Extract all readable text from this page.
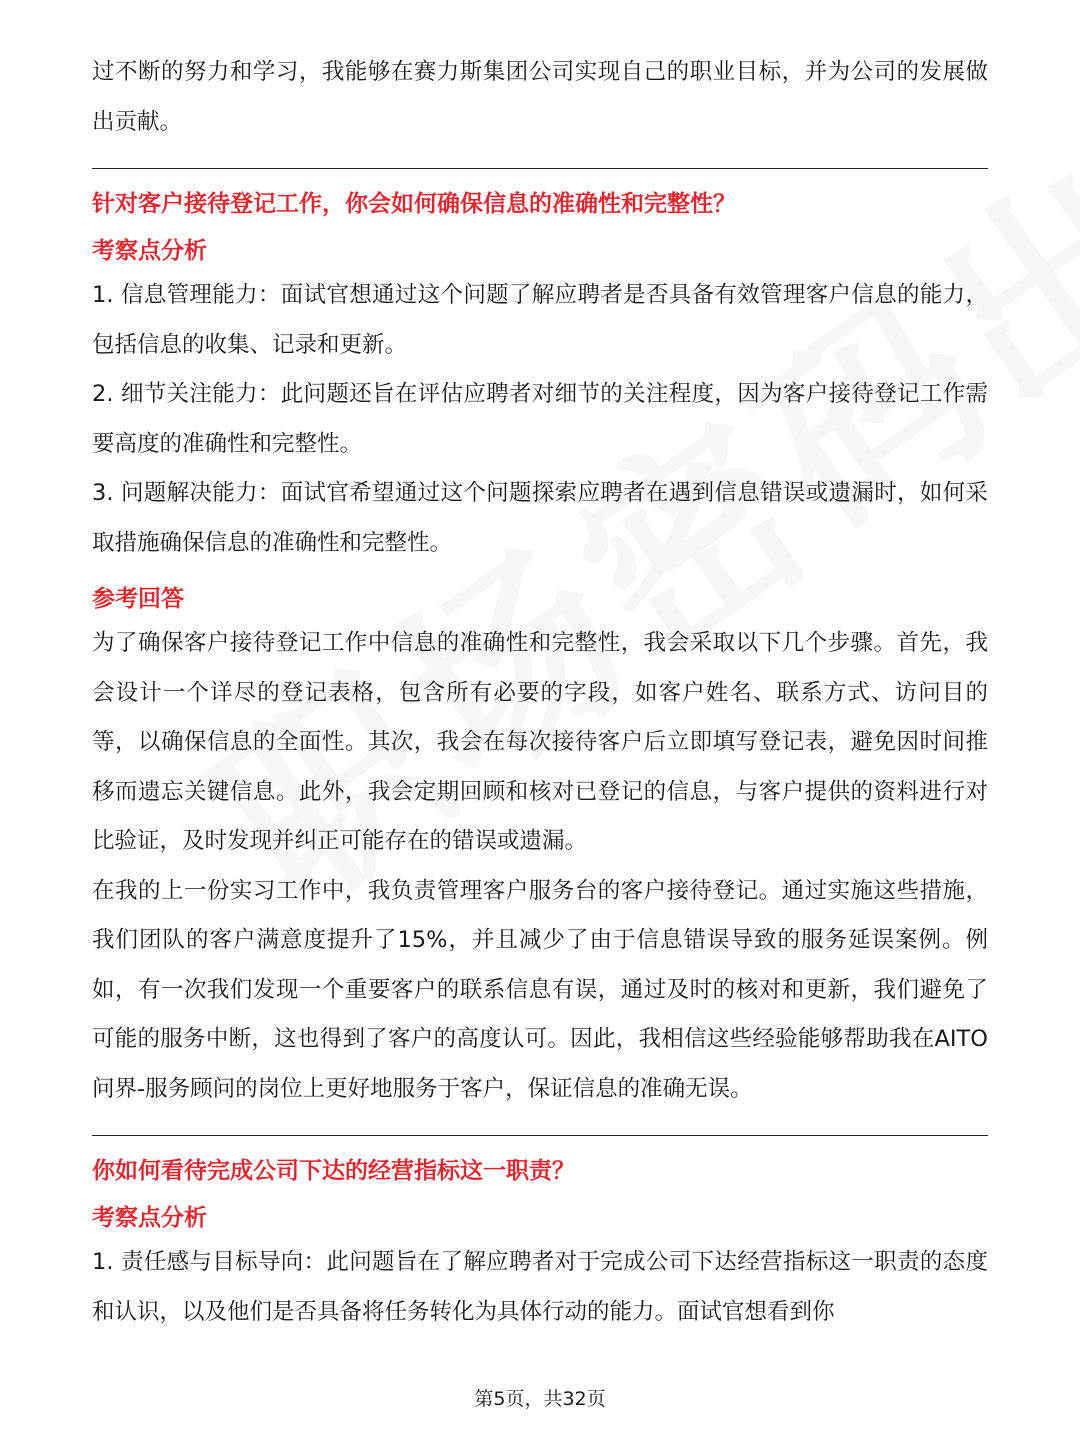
过不断的努力和学习，我能够在赛力斯集团公司实现自己的职业目标，并为公司的发展做出贡献。

针对客户接待登记工作，你会如何确保信息的准确性和完整性？
考察点分析

1. 信息管理能力：面试官想通过这个问题了解应聘者是否具备有效管理客户信息的能力，包括信息的收集、记录和更新。

2. 细节关注能力：此问题还旨在评估应聘者对细节的关注程度，因为客户接待登记工作需要高度的准确性和完整性。

3. 问题解决能力：面试官希望通过这个问题探索应聘者在遇到信息错误或遗漏时，如何采取措施确保信息的准确性和完整性。

参考回答

为了确保客户接待登记工作中信息的准确性和完整性，我会采取以下几个步骤。首先，我会设计一个详尽的登记表格，包含所有必要的字段，如客户姓名、联系方式、访问目的等，以确保信息的全面性。其次，我会在每次接待客户后立即填写登记表，避免因时间推移而遗忘关键信息。此外，我会定期回顾和核对已登记的信息，与客户提供的资料进行对比验证，及时发现并纠正可能存在的错误或遗漏。

在我的上一份实习工作中，我负责管理客户服务台的客户接待登记。通过实施这些措施，我们团队的客户满意度提升了15%，并且减少了由于信息错误导致的服务延误案例。例如，有一次我们发现一个重要客户的联系信息有误，通过及时的核对和更新，我们避免了可能的服务中断，这也得到了客户的高度认可。因此，我相信这些经验能够帮助我在AITO问界-服务顾问的岗位上更好地服务于客户，保证信息的准确无误。

你如何看待完成公司下达的经营指标这一职责？
考察点分析

1. 责任感与目标导向：此问题旨在了解应聘者对于完成公司下达经营指标这一职责的态度和认识，以及他们是否具备将任务转化为具体行动的能力。面试官想看到你

第5页，共32页
